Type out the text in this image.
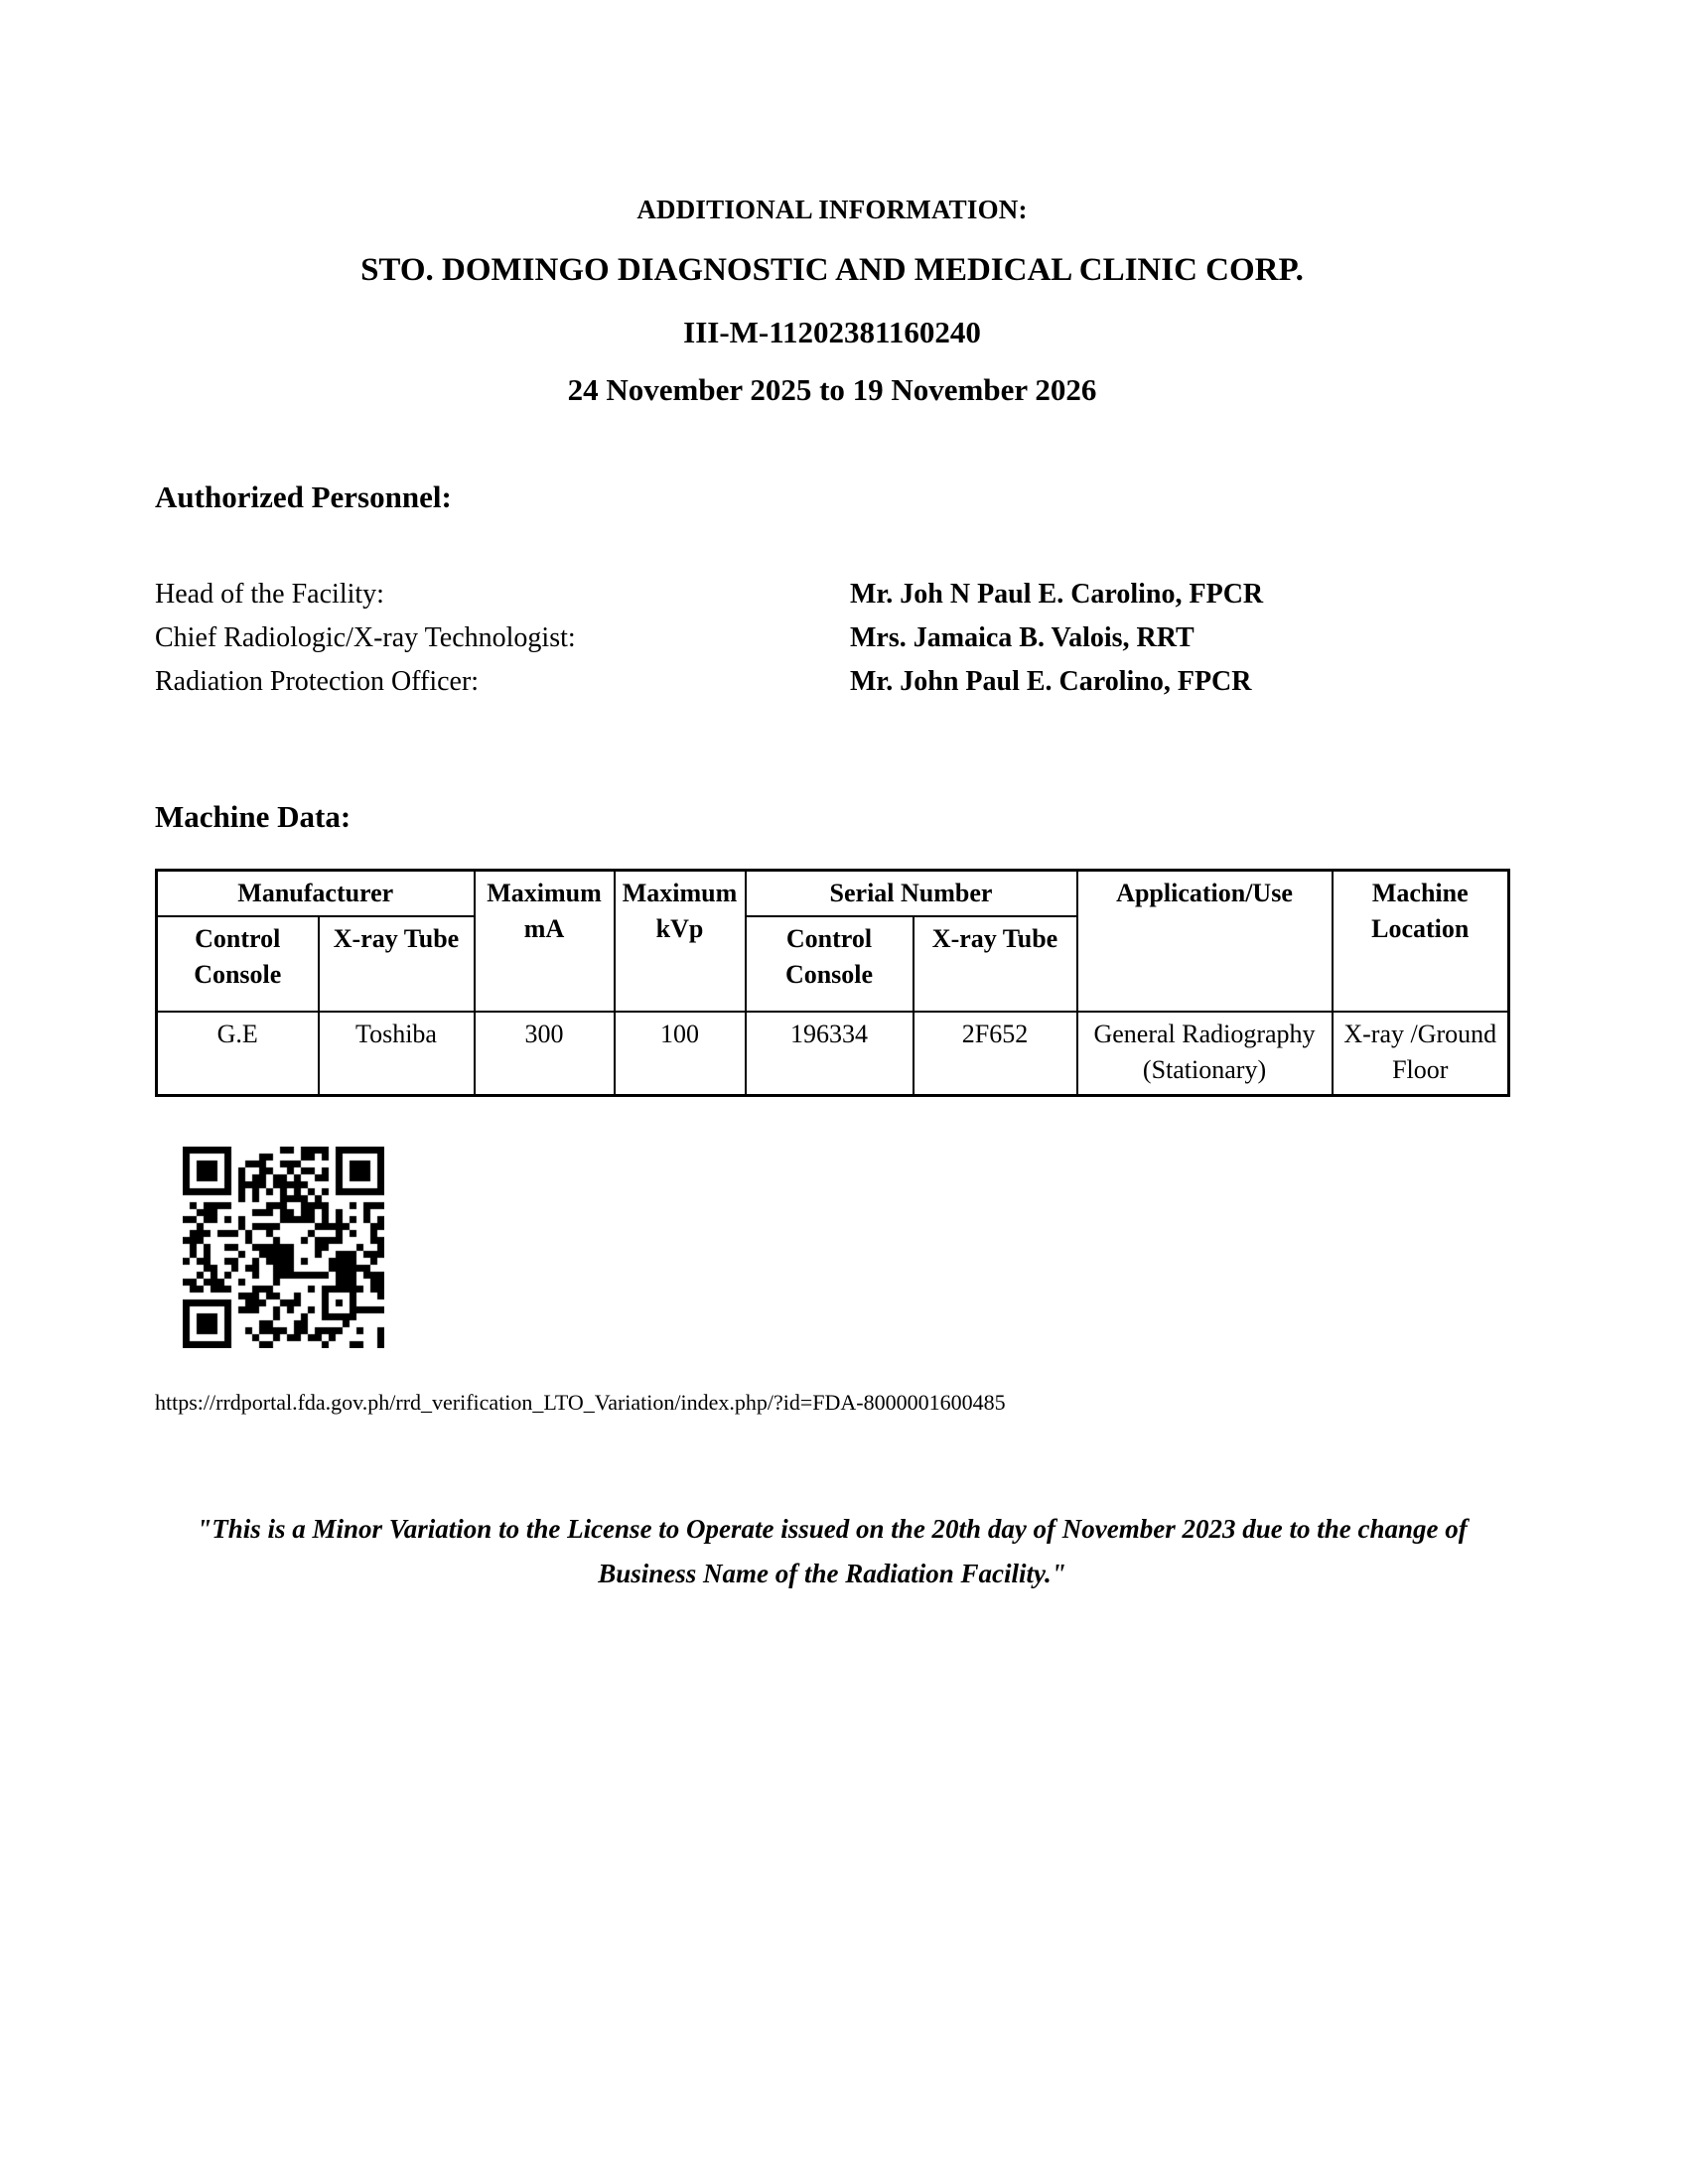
ADDITIONAL INFORMATION:
STO. DOMINGO DIAGNOSTIC AND MEDICAL CLINIC CORP.
III-M-11202381160240
24 November 2025 to 19 November 2026
Authorized Personnel:
Head of the Facility:	Mr. Joh N Paul E. Carolino, FPCR
Chief Radiologic/X-ray Technologist:	Mrs. Jamaica B. Valois, RRT
Radiation Protection Officer:	Mr. John Paul E. Carolino, FPCR
Machine Data:
Manufacturer		Maximum mA	Maximum kVp	Serial Number		Application/Use	Machine Location
Control Console	X-ray Tube			Control Console	X-ray Tube		
G.E	Toshiba	300	100	196334	2F652	General Radiography (Stationary)	X-ray /Ground Floor
https://rrdportal.fda.gov.ph/rrd_verification_LTO_Variation/index.php/?id=FDA-8000001600485
"This is a Minor Variation to the License to Operate issued on the 20th day of November 2023 due to the change of Business Name of the Radiation Facility."
